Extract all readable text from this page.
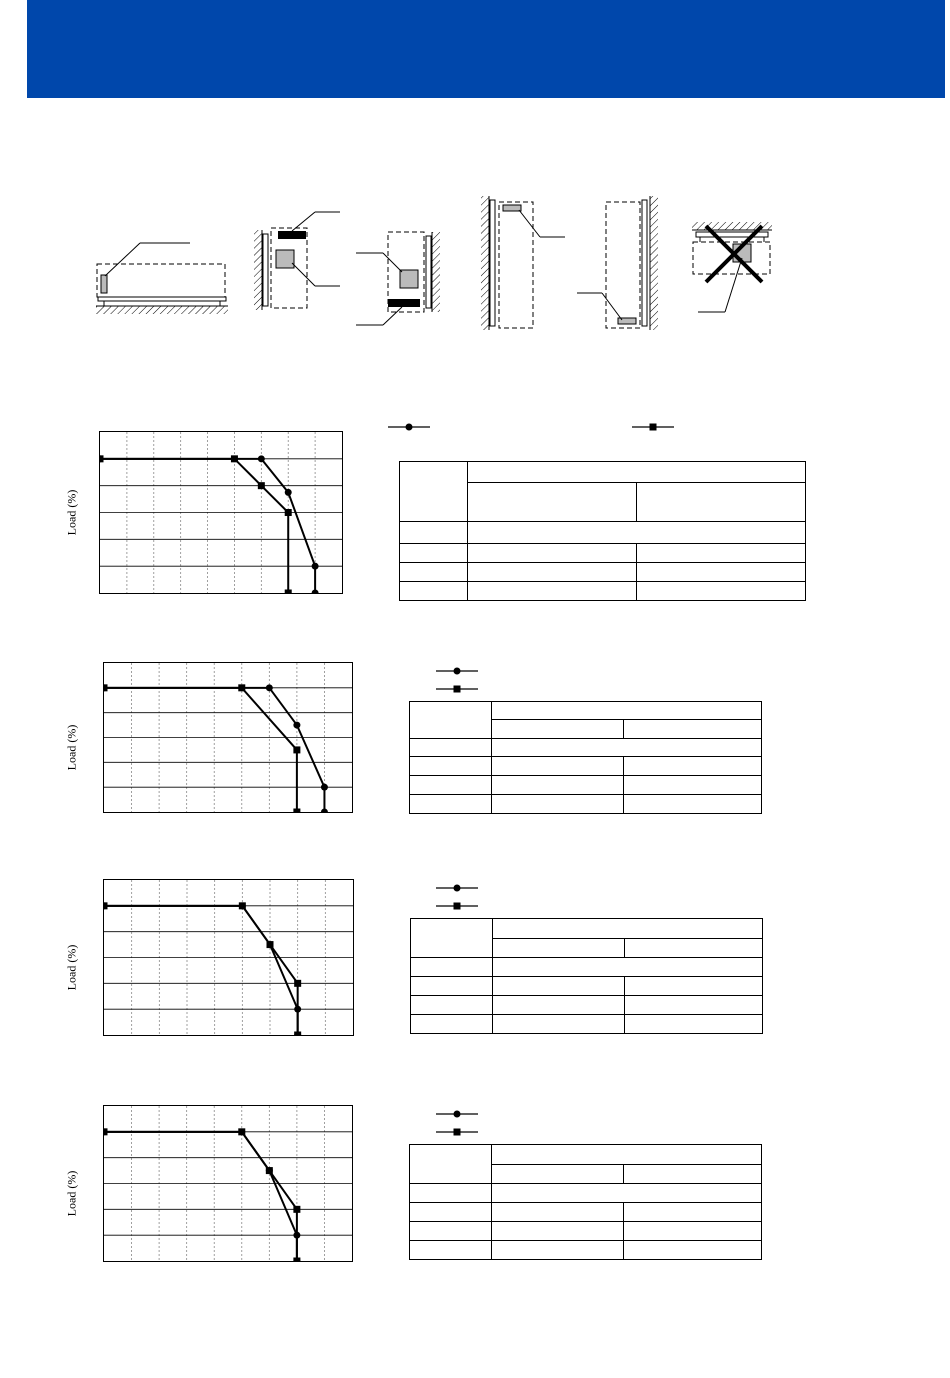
Load (%)

Load (%)

Load (%)

Load (%)
